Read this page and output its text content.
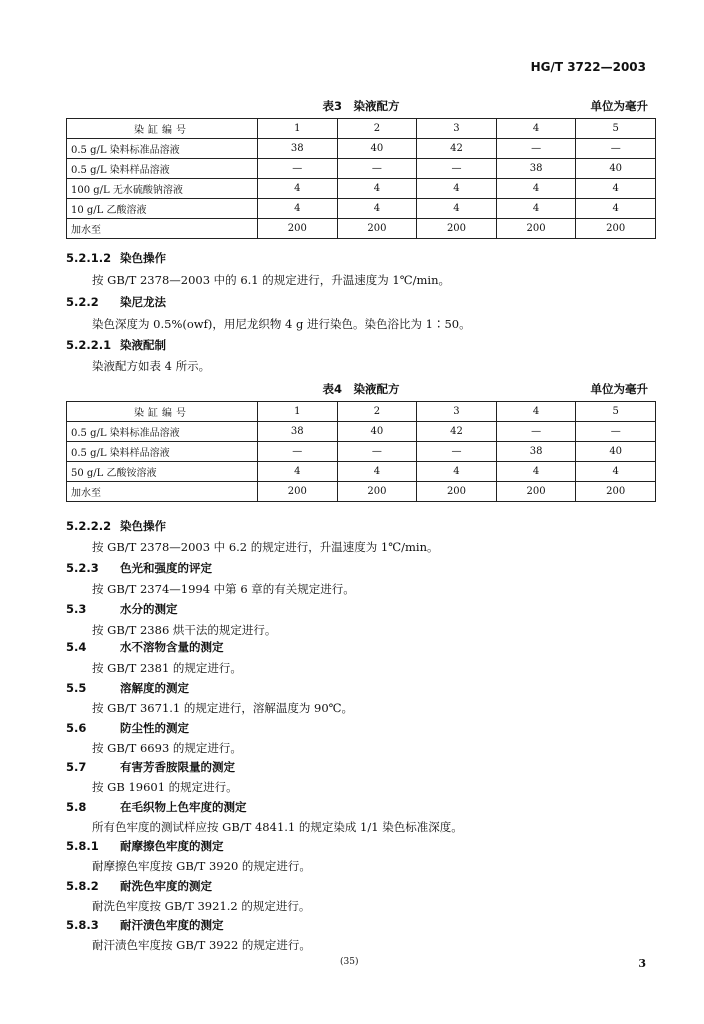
HG/T 3722—2003
表3　染液配方	单位为毫升
染缸编号	1	2	3	4	5
0.5 g/L 染料标准品溶液	38	40	42	—	—
0.5 g/L 染料样品溶液	—	—	—	38	40
100 g/L 无水硫酸钠溶液	4	4	4	4	4
10 g/L 乙酸溶液	4	4	4	4	4
加水至	200	200	200	200	200
5.2.1.2 染色操作
按 GB/T 2378—2003 中的 6.1 的规定进行，升温速度为 1℃/min。
5.2.2 染尼龙法
染色深度为 0.5%(owf)，用尼龙织物 4 g 进行染色。染色浴比为 1∶50。
5.2.2.1 染液配制
染液配方如表 4 所示。
表4　染液配方	单位为毫升
染缸编号	1	2	3	4	5
0.5 g/L 染料标准品溶液	38	40	42	—	—
0.5 g/L 染料样品溶液	—	—	—	38	40
50 g/L 乙酸铵溶液	4	4	4	4	4
加水至	200	200	200	200	200
5.2.2.2 染色操作
按 GB/T 2378—2003 中 6.2 的规定进行，升温速度为 1℃/min。
5.2.3 色光和强度的评定
按 GB/T 2374—1994 中第 6 章的有关规定进行。
5.3	水分的测定
按 GB/T 2386 烘干法的规定进行。
5.4	水不溶物含量的测定
按 GB/T 2381 的规定进行。
5.5	溶解度的测定
按 GB/T 3671.1 的规定进行，溶解温度为 90℃。
5.6	防尘性的测定
按 GB/T 6693 的规定进行。
5.7	有害芳香胺限量的测定
按 GB 19601 的规定进行。
5.8	在毛织物上色牢度的测定
所有色牢度的测试样应按 GB/T 4841.1 的规定染成 1/1 染色标准深度。
5.8.1 耐摩擦色牢度的测定
耐摩擦色牢度按 GB/T 3920 的规定进行。
5.8.2 耐洗色牢度的测定
耐洗色牢度按 GB/T 3921.2 的规定进行。
5.8.3 耐汗渍色牢度的测定
耐汗渍色牢度按 GB/T 3922 的规定进行。
(35)	3
